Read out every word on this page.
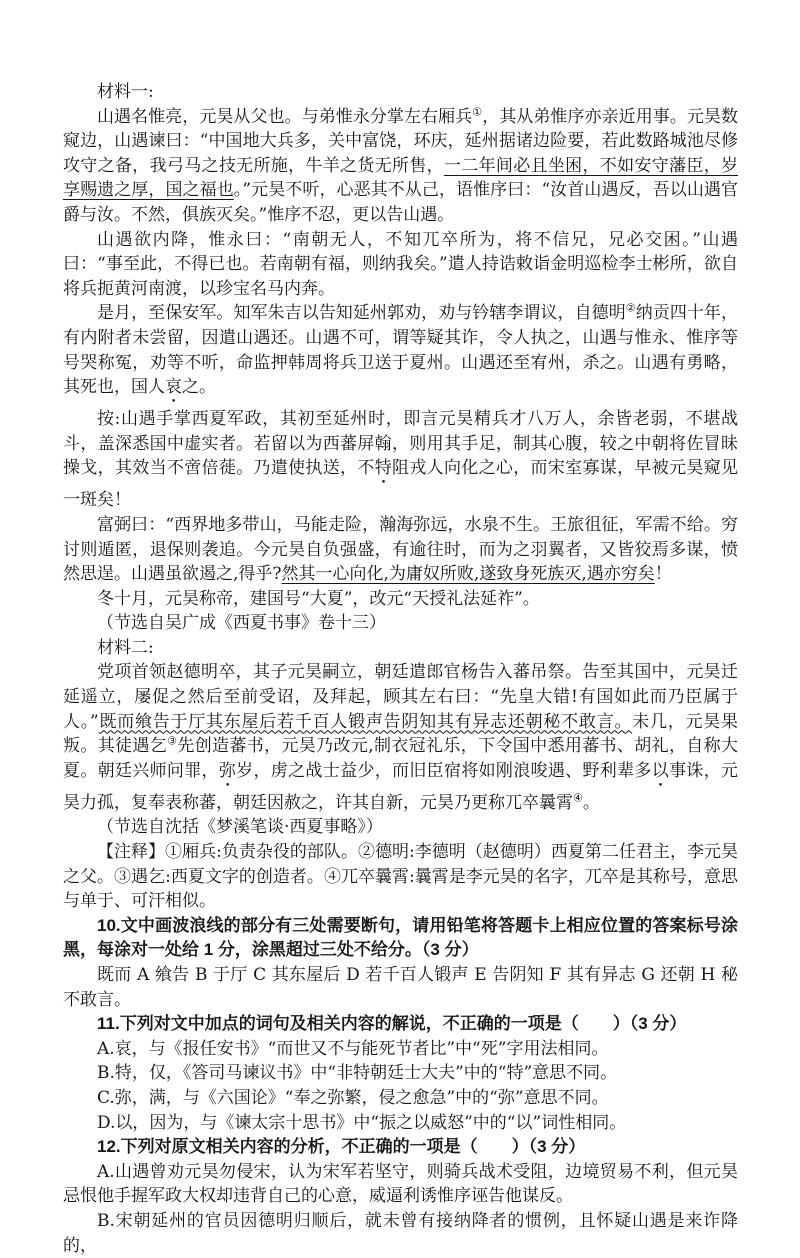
材料一:

山遇名惟亮，元昊从父也。与弟惟永分掌左右厢兵①，其从弟惟序亦亲近用事。元昊数窥边，山遇谏曰：“中国地大兵多，关中富饶，环庆，延州据诸边险要，若此数路城池尽修攻守之备，我弓马之技无所施，牛羊之货无所售，一二年间必且坐困，不如安守藩臣，岁享赐遗之厚，国之福也。”元昊不听，心恶其不从己，语惟序曰：“汝首山遇反，吾以山遇官爵与汝。不然，俱族灭矣。”惟序不忍，更以告山遇。

山遇欲内降，惟永曰：“南朝无人，不知兀卒所为，将不信兄，兄必交困。”山遇曰：“事至此，不得已也。若南朝有福，则纳我矣。”遣人持诰敕诣金明巡检李士彬所，欲自将兵扼黄河南渡，以珍宝名马内奔。

是月，至保安军。知军朱吉以告知延州郭劝，劝与钤辖李谓议，自德明②纳贡四十年，有内附者未尝留，因遣山遇还。山遇不可，谓等疑其诈，令人执之，山遇与惟永、惟序等号哭称冤，劝等不听，命监押韩周将兵卫送于夏州。山遇还至宥州，杀之。山遇有勇略，其死也，国人哀之。

按:山遇手掌西夏军政，其初至延州时，即言元昊精兵才八万人，余皆老弱，不堪战斗，盖深悉国中虚实者。若留以为西蕃屏翰，则用其手足，制其心腹，较之中朝将佐冒昧操戈，其效当不啻倍蓰。乃遣使执送，不特阻戎人向化之心，而宋室寡谋，早被元昊窥见一斑矣！

富弼曰：“西界地多带山，马能走险，瀚海弥远，水泉不生。王旅徂征，军需不给。穷讨则遁匿，退保则袭追。今元昊自负强盛，有逾往时，而为之羽翼者，又皆狡焉多谋，愤然思逞。山遇虽欲遏之,得乎?然其一心向化,为庸奴所败,遂致身死族灭,遇亦穷矣！

冬十月，元昊称帝，建国号“大夏”，改元“天授礼法延祚”。

（节选自吴广成《西夏书事》卷十三）

材料二:

党项首领赵德明卒，其子元昊嗣立，朝廷遣郎官杨告入蕃吊祭。告至其国中，元昊迁延遥立，屡促之然后至前受诏，及拜起，顾其左右曰：“先皇大错!有国如此而乃臣属于人。”既而飨告于厅其东屋后若千百人锻声告阴知其有异志还朝秘不敢言。未几，元昊果叛。其徒遇乞③先创造蕃书，元昊乃改元,制衣冠礼乐，下令国中悉用蕃书、胡礼，自称大夏。朝廷兴师问罪，弥岁，虏之战士益少，而旧臣宿将如刚浪唆遇、野利辈多以事诛，元昊力孤，复奉表称蕃，朝廷因赦之，许其自新，元昊乃更称兀卒曩霄④。

（节选自沈括《梦溪笔谈·西夏事略》）

【注释】①厢兵:负责杂役的部队。②德明:李德明（赵德明）西夏第二任君主，李元昊之父。③遇乞:西夏文字的创造者。④兀卒曩霄:曩霄是李元昊的名字，兀卒是其称号，意思与单于、可汗相似。

10.文中画波浪线的部分有三处需要断句，请用铅笔将答题卡上相应位置的答案标号涂黑，每涂对一处给 1 分，涂黑超过三处不给分。（3 分）

既而 A 飨告 B 于厅 C 其东屋后 D 若千百人锻声 E 告阴知 F 其有异志 G 还朝 H 秘不敢言。

11.下列对文中加点的词句及相关内容的解说，不正确的一项是（　　）（3 分）

A.哀，与《报任安书》“而世又不与能死节者比”中“死”字用法相同。

B.特，仅，《答司马谏议书》中“非特朝廷士大夫”中的“特”意思不同。

C.弥，满，与《六国论》“奉之弥繁，侵之愈急”中的“弥”意思不同。

D.以，因为，与《谏太宗十思书》中“振之以威怒”中的“以”词性相同。

12.下列对原文相关内容的分析，不正确的一项是（　　）（3 分）

A.山遇曾劝元昊勿侵宋，认为宋军若坚守，则骑兵战术受阻，边境贸易不利，但元昊忌恨他手握军政大权却违背自己的心意，威逼利诱惟序诬告他谋反。

B.宋朝延州的官员因德明归顺后，就未曾有接纳降者的惯例，且怀疑山遇是来诈降的，
